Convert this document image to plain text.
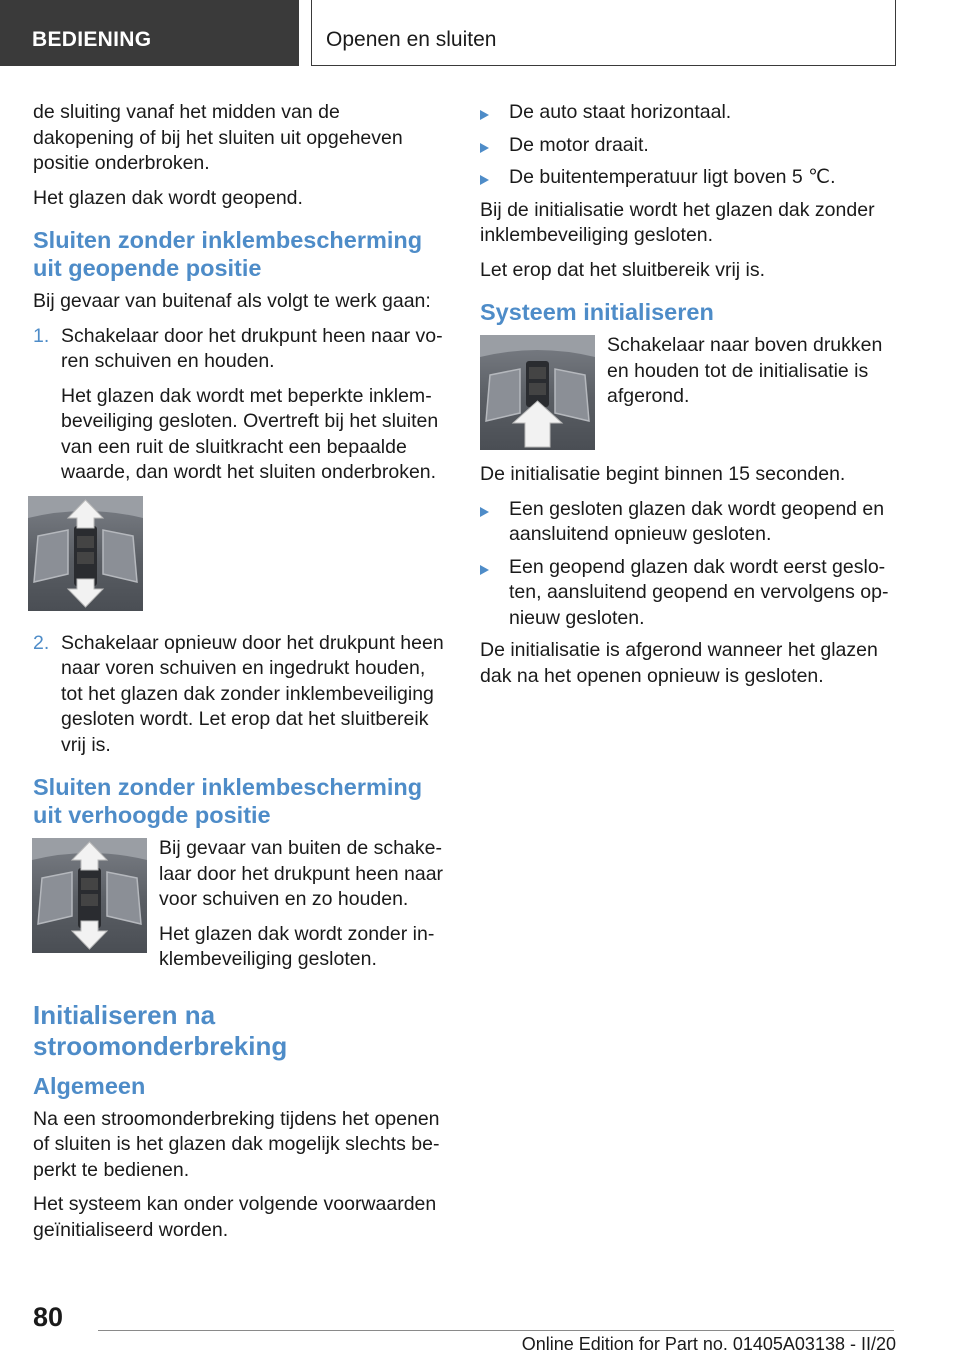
BEDIENING	Openen en sluiten

de sluiting vanaf het midden van de dakopening of bij het sluiten uit opgeheven positie onderbroken.

Het glazen dak wordt geopend.

Sluiten zonder inklembescherming uit geopende positie

Bij gevaar van buitenaf als volgt te werk gaan:

1. Schakelaar door het drukpunt heen naar voren schuiven en houden.

Het glazen dak wordt met beperkte inklembeveiliging gesloten. Overtreft bij het sluiten van een ruit de sluitkracht een bepaalde waarde, dan wordt het sluiten onderbroken.

2. Schakelaar opnieuw door het drukpunt heen naar voren schuiven en ingedrukt houden, tot het glazen dak zonder inklembeveiliging gesloten wordt. Let erop dat het sluitbereik vrij is.

Sluiten zonder inklembescherming uit verhoogde positie

Bij gevaar van buiten de schakelaar door het drukpunt heen naar voor schuiven en zo houden.

Het glazen dak wordt zonder inklembeveiliging gesloten.

Initialiseren na stroomonderbreking
Algemeen

Na een stroomonderbreking tijdens het openen of sluiten is het glazen dak mogelijk slechts beperkt te bedienen.

Het systeem kan onder volgende voorwaarden geïnitialiseerd worden.

De auto staat horizontaal.
De motor draait.
De buitentemperatuur ligt boven 5 ℃.

Bij de initialisatie wordt het glazen dak zonder inklembeveiliging gesloten.

Let erop dat het sluitbereik vrij is.

Systeem initialiseren

Schakelaar naar boven drukken en houden tot de initialisatie is afgerond.

De initialisatie begint binnen 15 seconden.

Een gesloten glazen dak wordt geopend en aansluitend opnieuw gesloten.
Een geopend glazen dak wordt eerst gesloten, aansluitend geopend en vervolgens opnieuw gesloten.

De initialisatie is afgerond wanneer het glazen dak na het openen opnieuw is gesloten.

80
Online Edition for Part no. 01405A03138 - II/20
